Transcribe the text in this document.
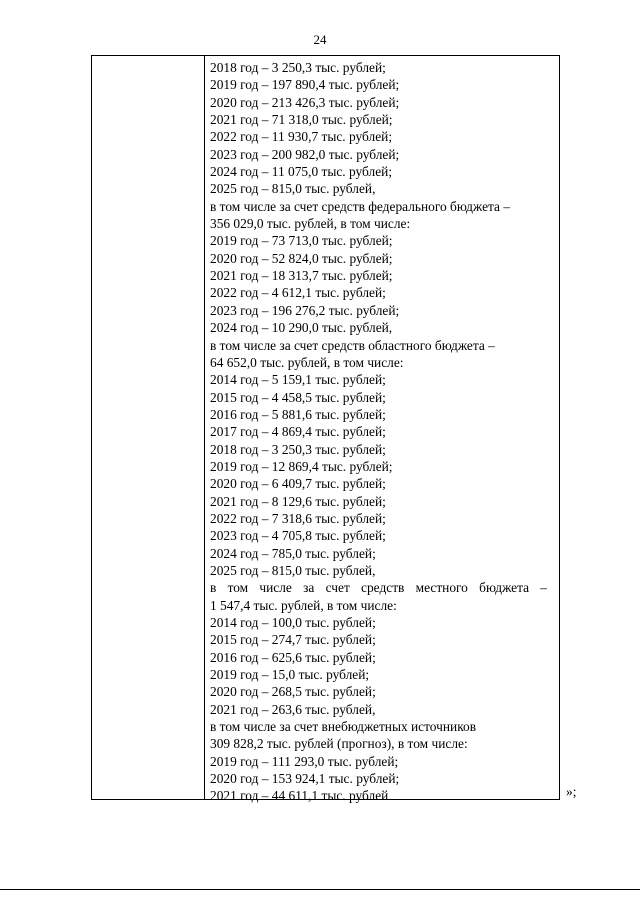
24

2018 год – 3 250,3 тыс. рублей;

2019 год – 197 890,4 тыс. рублей;

2020 год – 213 426,3 тыс. рублей;

2021 год – 71 318,0 тыс. рублей;

2022 год – 11 930,7 тыс. рублей;

2023 год – 200 982,0 тыс. рублей;

2024 год – 11 075,0 тыс. рублей;

2025 год – 815,0 тыс. рублей,

в том числе за счет средств федерального бюджета –

356 029,0 тыс. рублей, в том числе:

2019 год – 73 713,0 тыс. рублей;

2020 год – 52 824,0 тыс. рублей;

2021 год – 18 313,7 тыс. рублей;

2022 год – 4 612,1 тыс. рублей;

2023 год – 196 276,2 тыс. рублей;

2024 год – 10 290,0 тыс. рублей,

в том числе за счет средств областного бюджета –

64 652,0 тыс. рублей, в том числе:

2014 год – 5 159,1 тыс. рублей;

2015 год – 4 458,5 тыс. рублей;

2016 год – 5 881,6 тыс. рублей;

2017 год – 4 869,4 тыс. рублей;

2018 год – 3 250,3 тыс. рублей;

2019 год – 12 869,4 тыс. рублей;

2020 год – 6 409,7 тыс. рублей;

2021 год – 8 129,6 тыс. рублей;

2022 год – 7 318,6 тыс. рублей;

2023 год – 4 705,8 тыс. рублей;

2024 год – 785,0 тыс. рублей;

2025 год – 815,0 тыс. рублей,

в том числе за счет средств местного бюджета –

1 547,4 тыс. рублей, в том числе:

2014 год – 100,0 тыс. рублей;

2015 год – 274,7 тыс. рублей;

2016 год – 625,6 тыс. рублей;

2019 год – 15,0 тыс. рублей;

2020 год – 268,5 тыс. рублей;

2021 год – 263,6 тыс. рублей,

в том числе за счет внебюджетных источников

309 828,2 тыс. рублей (прогноз), в том числе:

2019 год – 111 293,0 тыс. рублей;

2020 год – 153 924,1 тыс. рублей;

2021 год – 44 611,1 тыс. рублей	»;
